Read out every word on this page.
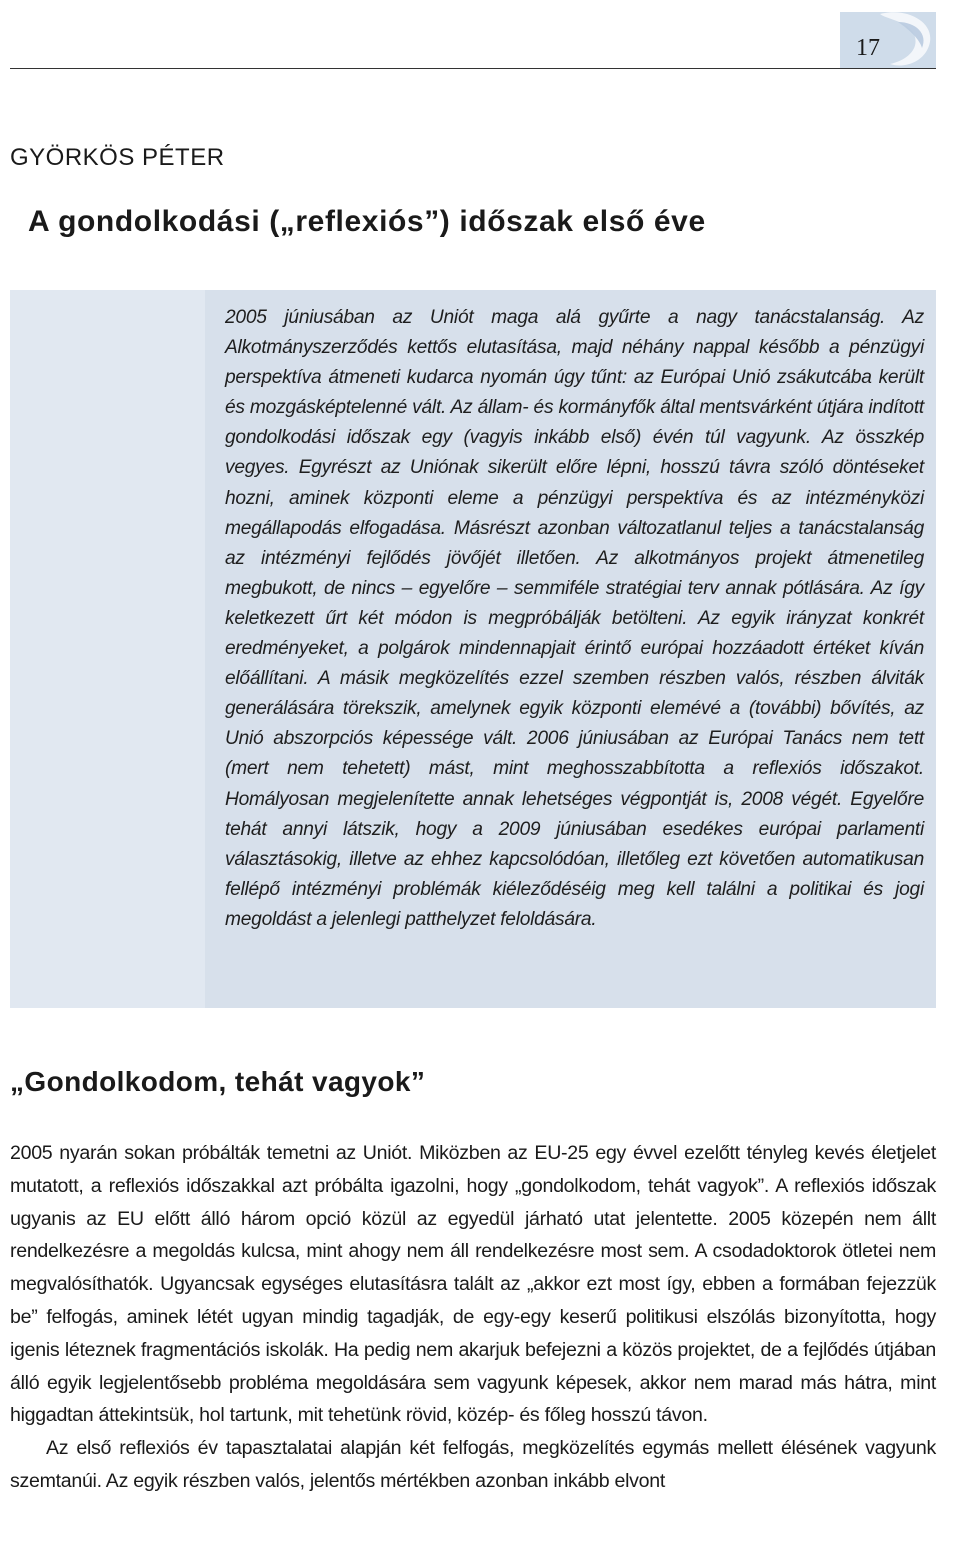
17
GYÖRKÖS PÉTER
A gondolkodási („reflexiós”) időszak első éve

2005 júniusában az Uniót maga alá gyűrte a nagy tanácstalanság. Az Alkotmányszerződés kettős elutasítása, majd néhány nappal később a pénzügyi perspektíva átmeneti kudarca nyomán úgy tűnt: az Európai Unió zsákutcába került és mozgásképtelenné vált. Az állam- és kormányfők által mentsvárként útjára indított gondolkodási időszak egy (vagyis inkább első) évén túl vagyunk. Az összkép vegyes. Egyrészt az Uniónak sikerült előre lépni, hosszú távra szóló döntéseket hozni, aminek központi eleme a pénzügyi perspektíva és az intézményközi megállapodás elfogadása. Másrészt azonban változatlanul teljes a tanácstalanság az intézményi fejlődés jövőjét illetően. Az alkotmányos projekt átmenetileg megbukott, de nincs – egyelőre – semmiféle stratégiai terv annak pótlására. Az így keletkezett űrt két módon is megpróbálják betölteni. Az egyik irányzat konkrét eredményeket, a polgárok mindennapjait érintő európai hozzáadott értéket kíván előállítani. A másik megközelítés ezzel szemben részben valós, részben álviták generálására törekszik, amelynek egyik központi elemévé a (további) bővítés, az Unió abszorpciós képessége vált. 2006 júniusában az Európai Tanács nem tett (mert nem tehetett) mást, mint meghosszabbította a reflexiós időszakot. Homályosan megjelenítette annak lehetséges végpontját is, 2008 végét. Egyelőre tehát annyi látszik, hogy a 2009 júniusában esedékes európai parlamenti választásokig, illetve az ehhez kapcsolódóan, illetőleg ezt követően automatikusan fellépő intézményi problémák kiéleződéséig meg kell találni a politikai és jogi megoldást a jelenlegi patthelyzet feloldására.

„Gondolkodom, tehát vagyok”

2005 nyarán sokan próbálták temetni az Uniót. Miközben az EU-25 egy évvel ezelőtt tényleg kevés életjelet mutatott, a reflexiós időszakkal azt próbálta igazolni, hogy „gondolkodom, tehát vagyok”. A reflexiós időszak ugyanis az EU előtt álló három opció közül az egyedül járható utat jelentette. 2005 közepén nem állt rendelkezésre a megoldás kulcsa, mint ahogy nem áll rendelkezésre most sem. A csodadoktorok ötletei nem megvalósíthatók. Ugyancsak egységes elutasításra talált az „akkor ezt most így, ebben a formában fejezzük be” felfogás, aminek létét ugyan mindig tagadják, de egy-egy keserű politikusi elszólás bizonyította, hogy igenis léteznek fragmentációs iskolák. Ha pedig nem akarjuk befejezni a közös projektet, de a fejlődés útjában álló egyik legjelentősebb probléma megoldására sem vagyunk képesek, akkor nem marad más hátra, mint higgadtan áttekintsük, hol tartunk, mit tehetünk rövid, közép- és főleg hosszú távon.

Az első reflexiós év tapasztalatai alapján két felfogás, megközelítés egymás mellett élésének vagyunk szemtanúi. Az egyik részben valós, jelentős mértékben azonban inkább elvont
